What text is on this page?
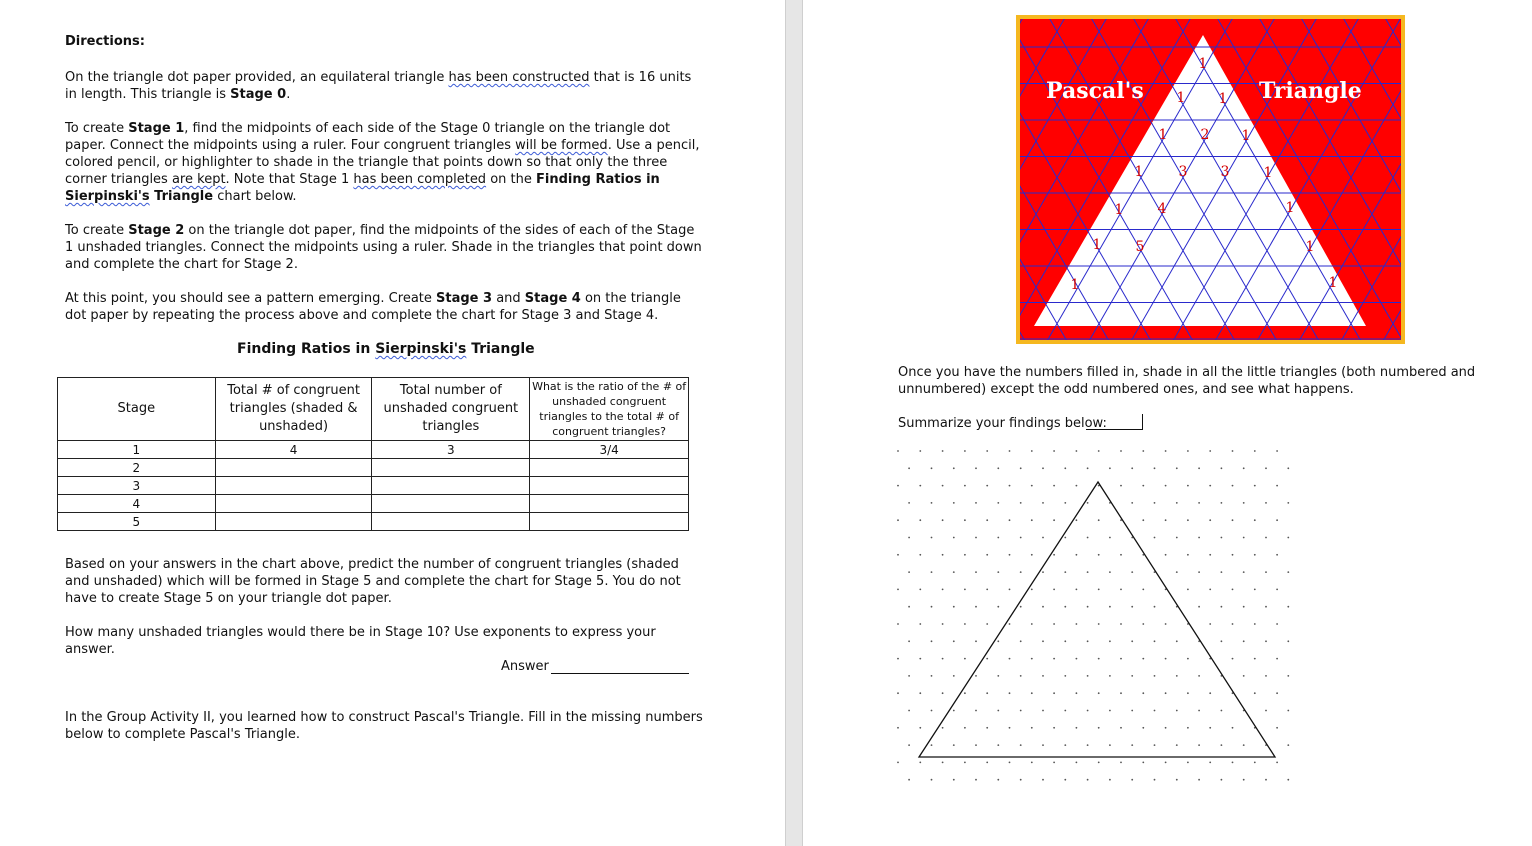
Directions:
On the triangle dot paper provided, an equilateral triangle has been constructed that is 16 units in length. This triangle is Stage 0.
To create Stage 1, find the midpoints of each side of the Stage 0 triangle on the triangle dot paper. Connect the midpoints using a ruler. Four congruent triangles will be formed. Use a pencil, colored pencil, or highlighter to shade in the triangle that points down so that only the three corner triangles are kept. Note that Stage 1 has been completed on the Finding Ratios in Sierpinski's Triangle chart below.
To create Stage 2 on the triangle dot paper, find the midpoints of the sides of each of the Stage 1 unshaded triangles. Connect the midpoints using a ruler. Shade in the triangles that point down and complete the chart for Stage 2.
At this point, you should see a pattern emerging. Create Stage 3 and Stage 4 on the triangle dot paper by repeating the process above and complete the chart for Stage 3 and Stage 4.
Finding Ratios in Sierpinski's Triangle
Stage	Total # of congruent triangles (shaded & unshaded)	Total number of unshaded congruent triangles	What is the ratio of the # of unshaded congruent triangles to the total # of congruent triangles?
1	4	3	3/4
2			
3			
4			
5			
Based on your answers in the chart above, predict the number of congruent triangles (shaded and unshaded) which will be formed in Stage 5 and complete the chart for Stage 5. You do not have to create Stage 5 on your triangle dot paper.
How many unshaded triangles would there be in Stage 10? Use exponents to express your answer.
Answer
In the Group Activity II, you learned how to construct Pascal's Triangle. Fill in the missing numbers below to complete Pascal's Triangle.
Pascal's	Triangle
1
1 1
1 2 1
1	3 3 1
1 4	1
1 5	1
1	1
Once you have the numbers filled in, shade in all the little triangles (both numbered and unnumbered) except the odd numbered ones, and see what happens.
Summarize your findings below:
